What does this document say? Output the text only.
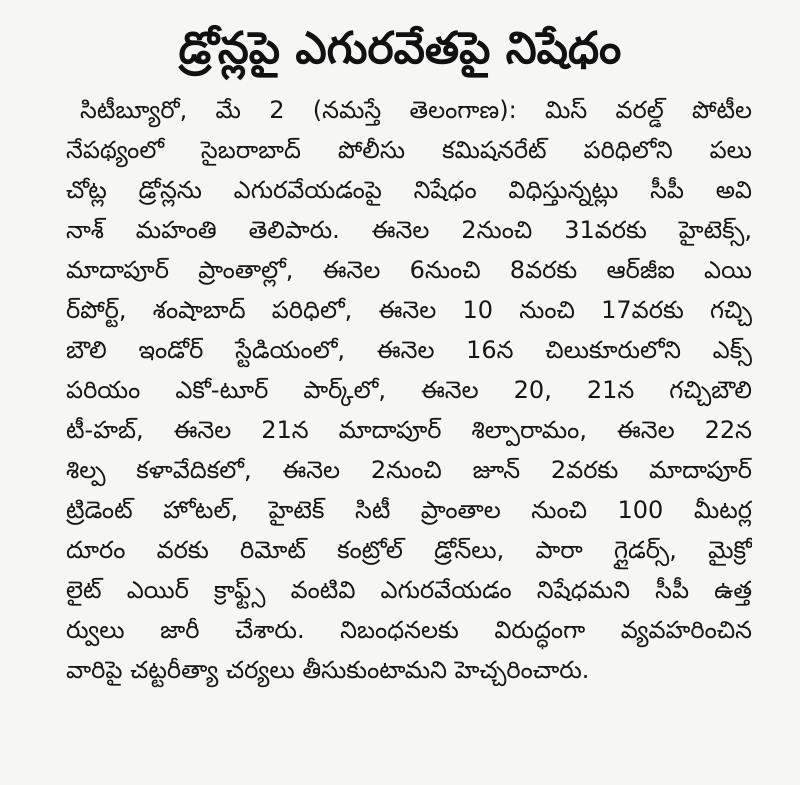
డ్రోన్లపై ఎగురవేతపై నిషేధం
సిటీబ్యూరో, మే 2 (నమస్తే తెలంగాణ): మిస్ వరల్డ్ పోటీల
నేపథ్యంలో సైబరాబాద్ పోలీసు కమిషనరేట్ పరిధిలోని పలు
చోట్ల డ్రోన్లను ఎగురవేయడంపై నిషేధం విధిస్తున్నట్లు సీపీ అవి
నాశ్ మహంతి తెలిపారు. ఈనెల 2నుంచి 31వరకు హైటెక్స్,
మాదాపూర్ ప్రాంతాల్లో, ఈనెల 6నుంచి 8వరకు ఆర్‌జీఐ ఎయి
ర్‌పోర్ట్, శంషాబాద్ పరిధిలో, ఈనెల 10 నుంచి 17వరకు గచ్చి
బౌలి ఇండోర్ స్టేడియంలో, ఈనెల 16న చిలుకూరులోని ఎక్స్
పరియం ఎకో-టూర్ పార్క్‌లో, ఈనెల 20, 21న గచ్చిబౌలి
టీ-హబ్, ఈనెల 21న మాదాపూర్ శిల్పారామం, ఈనెల 22న
శిల్ప కళావేదికలో, ఈనెల 2నుంచి జూన్ 2వరకు మాదాపూర్
ట్రిడెంట్ హోటల్, హైటెక్ సిటీ ప్రాంతాల నుంచి 100 మీటర్ల
దూరం వరకు రిమోట్ కంట్రోల్ డ్రోన్‌లు, పారా గ్లైడర్స్, మైక్రో
లైట్ ఎయిర్ క్రాఫ్ట్స్ వంటివి ఎగురవేయడం నిషేధమని సీపీ ఉత్త
ర్వులు జారీ చేశారు. నిబంధనలకు విరుద్ధంగా వ్యవహరించిన
వారిపై చట్టరీత్యా చర్యలు తీసుకుంటామని హెచ్చరించారు.
